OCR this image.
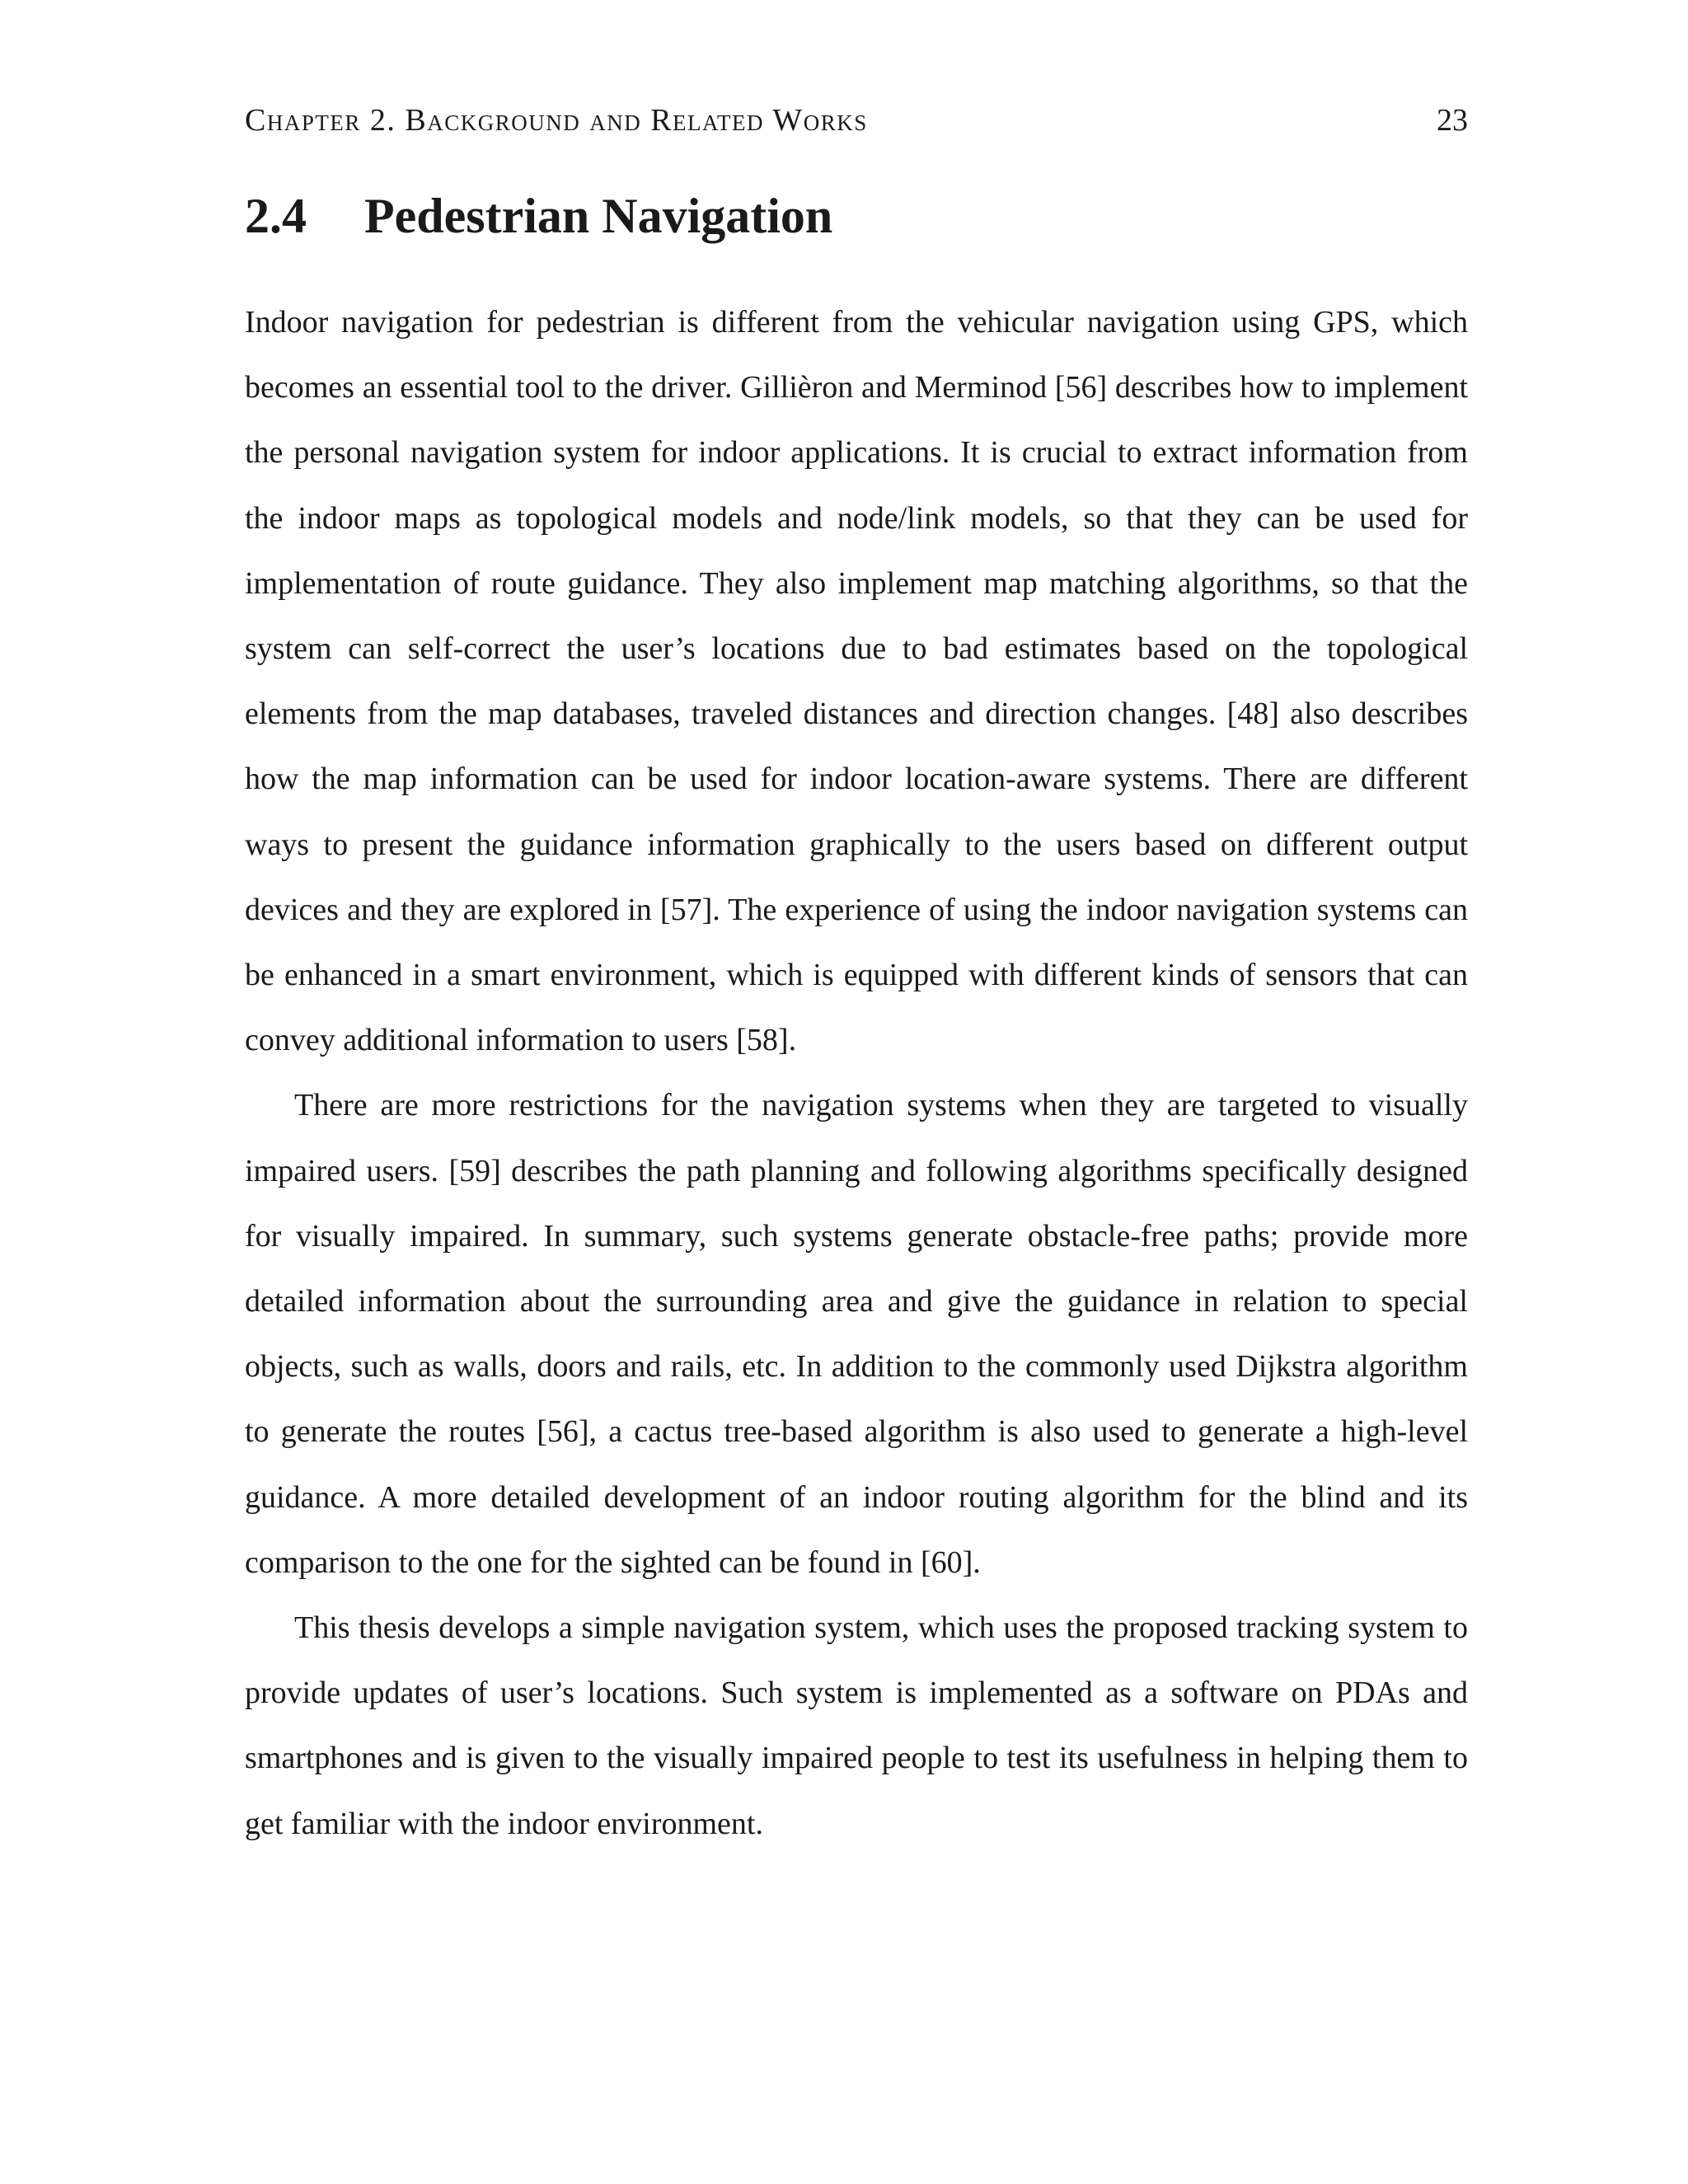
Chapter 2. Background and Related Works	23
2.4	Pedestrian Navigation

Indoor navigation for pedestrian is different from the vehicular navigation using GPS, which becomes an essential tool to the driver. Gillièron and Merminod [56] describes how to implement the personal navigation system for indoor applications. It is crucial to extract information from the indoor maps as topological models and node/link models, so that they can be used for implementation of route guidance. They also implement map matching algorithms, so that the system can self-correct the user’s locations due to bad estimates based on the topological elements from the map databases, traveled distances and direction changes. [48] also describes how the map information can be used for indoor location-aware systems. There are different ways to present the guidance information graphically to the users based on different output devices and they are explored in [57]. The experience of using the indoor navigation systems can be enhanced in a smart environment, which is equipped with different kinds of sensors that can convey additional information to users [58].

There are more restrictions for the navigation systems when they are targeted to visually impaired users. [59] describes the path planning and following algorithms specifically designed for visually impaired. In summary, such systems generate obstacle-free paths; provide more detailed information about the surrounding area and give the guidance in relation to special objects, such as walls, doors and rails, etc. In addition to the commonly used Dijkstra algorithm to generate the routes [56], a cactus tree-based algorithm is also used to generate a high-level guidance. A more detailed development of an indoor routing algorithm for the blind and its comparison to the one for the sighted can be found in [60].

This thesis develops a simple navigation system, which uses the proposed tracking system to provide updates of user’s locations. Such system is implemented as a software on PDAs and smartphones and is given to the visually impaired people to test its usefulness in helping them to get familiar with the indoor environment.
